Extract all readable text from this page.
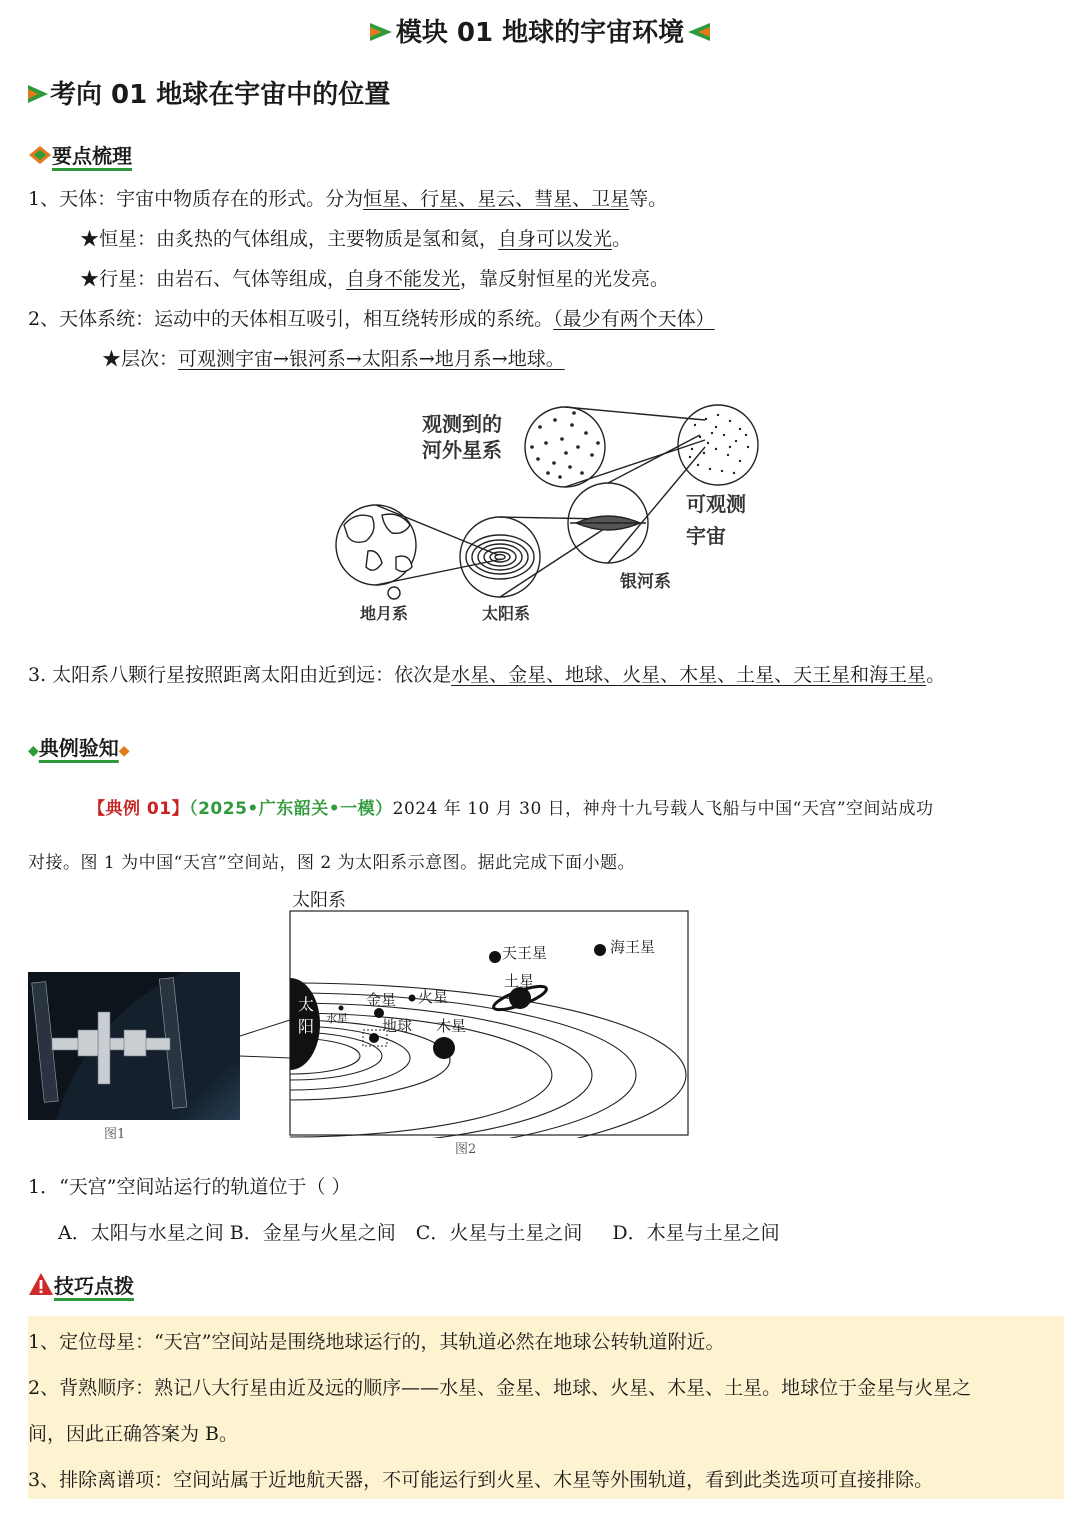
模块 01 地球的宇宙环境
考向 01 地球在宇宙中的位置
要点梳理
1、天体：宇宙中物质存在的形式。分为恒星、行星、星云、彗星、卫星等。
★恒星：由炙热的气体组成，主要物质是氢和氦，自身可以发光。
★行星：由岩石、气体等组成，自身不能发光，靠反射恒星的光发亮。
2、天体系统：运动中的天体相互吸引，相互绕转形成的系统。（最少有两个天体）
★层次：可观测宇宙→银河系→太阳系→地月系→地球。
观测到的
河外星系
可观测
宇宙
银河系
地月系	太阳系
3. 太阳系八颗行星按照距离太阳由近到远：依次是水星、金星、地球、火星、木星、土星、天王星和海王星。
◆典例验知◆
【典例 01】（2025•广东韶关•一模）2024 年 10 月 30 日，神舟十九号载人飞船与中国“天宫”空间站成功
对接。图 1 为中国“天宫”空间站，图 2 为太阳系示意图。据此完成下面小题。
图1
太阳系
太
阳 水星
金星
地球
火星
木星
土星
天王星	海王星
图2
1．“天宫”空间站运行的轨道位于（ ）
A．太阳与水星之间 B．金星与火星之间 C．火星与土星之间 D．木星与土星之间
技巧点拨
1、定位母星：“天宫”空间站是围绕地球运行的，其轨道必然在地球公转轨道附近。
2、背熟顺序：熟记八大行星由近及远的顺序——水星、金星、地球、火星、木星、土星。地球位于金星与火星之
间，因此正确答案为 B。
3、排除离谱项：空间站属于近地航天器，不可能运行到火星、木星等外围轨道，看到此类选项可直接排除。
